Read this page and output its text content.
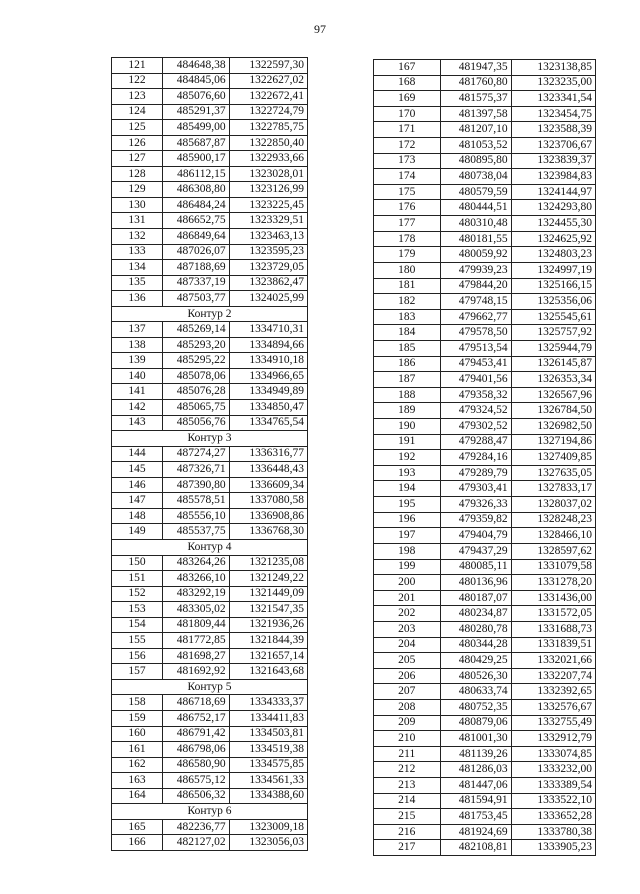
97
121	484648,38	1322597,30
122	484845,06	1322627,02
123	485076,60	1322672,41
124	485291,37	1322724,79
125	485499,00	1322785,75
126	485687,87	1322850,40
127	485900,17	1322933,66
128	486112,15	1323028,01
129	486308,80	1323126,99
130	486484,24	1323225,45
131	486652,75	1323329,51
132	486849,64	1323463,13
133	487026,07	1323595,23
134	487188,69	1323729,05
135	487337,19	1323862,47
136	487503,77	1324025,99
Контур 2		
137	485269,14	1334710,31
138	485293,20	1334894,66
139	485295,22	1334910,18
140	485078,06	1334966,65
141	485076,28	1334949,89
142	485065,75	1334850,47
143	485056,76	1334765,54
Контур 3		
144	487274,27	1336316,77
145	487326,71	1336448,43
146	487390,80	1336609,34
147	485578,51	1337080,58
148	485556,10	1336908,86
149	485537,75	1336768,30
Контур 4		
150	483264,26	1321235,08
151	483266,10	1321249,22
152	483292,19	1321449,09
153	483305,02	1321547,35
154	481809,44	1321936,26
155	481772,85	1321844,39
156	481698,27	1321657,14
157	481692,92	1321643,68
Контур 5		
158	486718,69	1334333,37
159	486752,17	1334411,83
160	486791,42	1334503,81
161	486798,06	1334519,38
162	486580,90	1334575,85
163	486575,12	1334561,33
164	486506,32	1334388,60
Контур 6		
165	482236,77	1323009,18
166	482127,02	1323056,03
167	481947,35	1323138,85
168	481760,80	1323235,00
169	481575,37	1323341,54
170	481397,58	1323454,75
171	481207,10	1323588,39
172	481053,52	1323706,67
173	480895,80	1323839,37
174	480738,04	1323984,83
175	480579,59	1324144,97
176	480444,51	1324293,80
177	480310,48	1324455,30
178	480181,55	1324625,92
179	480059,92	1324803,23
180	479939,23	1324997,19
181	479844,20	1325166,15
182	479748,15	1325356,06
183	479662,77	1325545,61
184	479578,50	1325757,92
185	479513,54	1325944,79
186	479453,41	1326145,87
187	479401,56	1326353,34
188	479358,32	1326567,96
189	479324,52	1326784,50
190	479302,52	1326982,50
191	479288,47	1327194,86
192	479284,16	1327409,85
193	479289,79	1327635,05
194	479303,41	1327833,17
195	479326,33	1328037,02
196	479359,82	1328248,23
197	479404,79	1328466,10
198	479437,29	1328597,62
199	480085,11	1331079,58
200	480136,96	1331278,20
201	480187,07	1331436,00
202	480234,87	1331572,05
203	480280,78	1331688,73
204	480344,28	1331839,51
205	480429,25	1332021,66
206	480526,30	1332207,74
207	480633,74	1332392,65
208	480752,35	1332576,67
209	480879,06	1332755,49
210	481001,30	1332912,79
211	481139,26	1333074,85
212	481286,03	1333232,00
213	481447,06	1333389,54
214	481594,91	1333522,10
215	481753,45	1333652,28
216	481924,69	1333780,38
217	482108,81	1333905,23
